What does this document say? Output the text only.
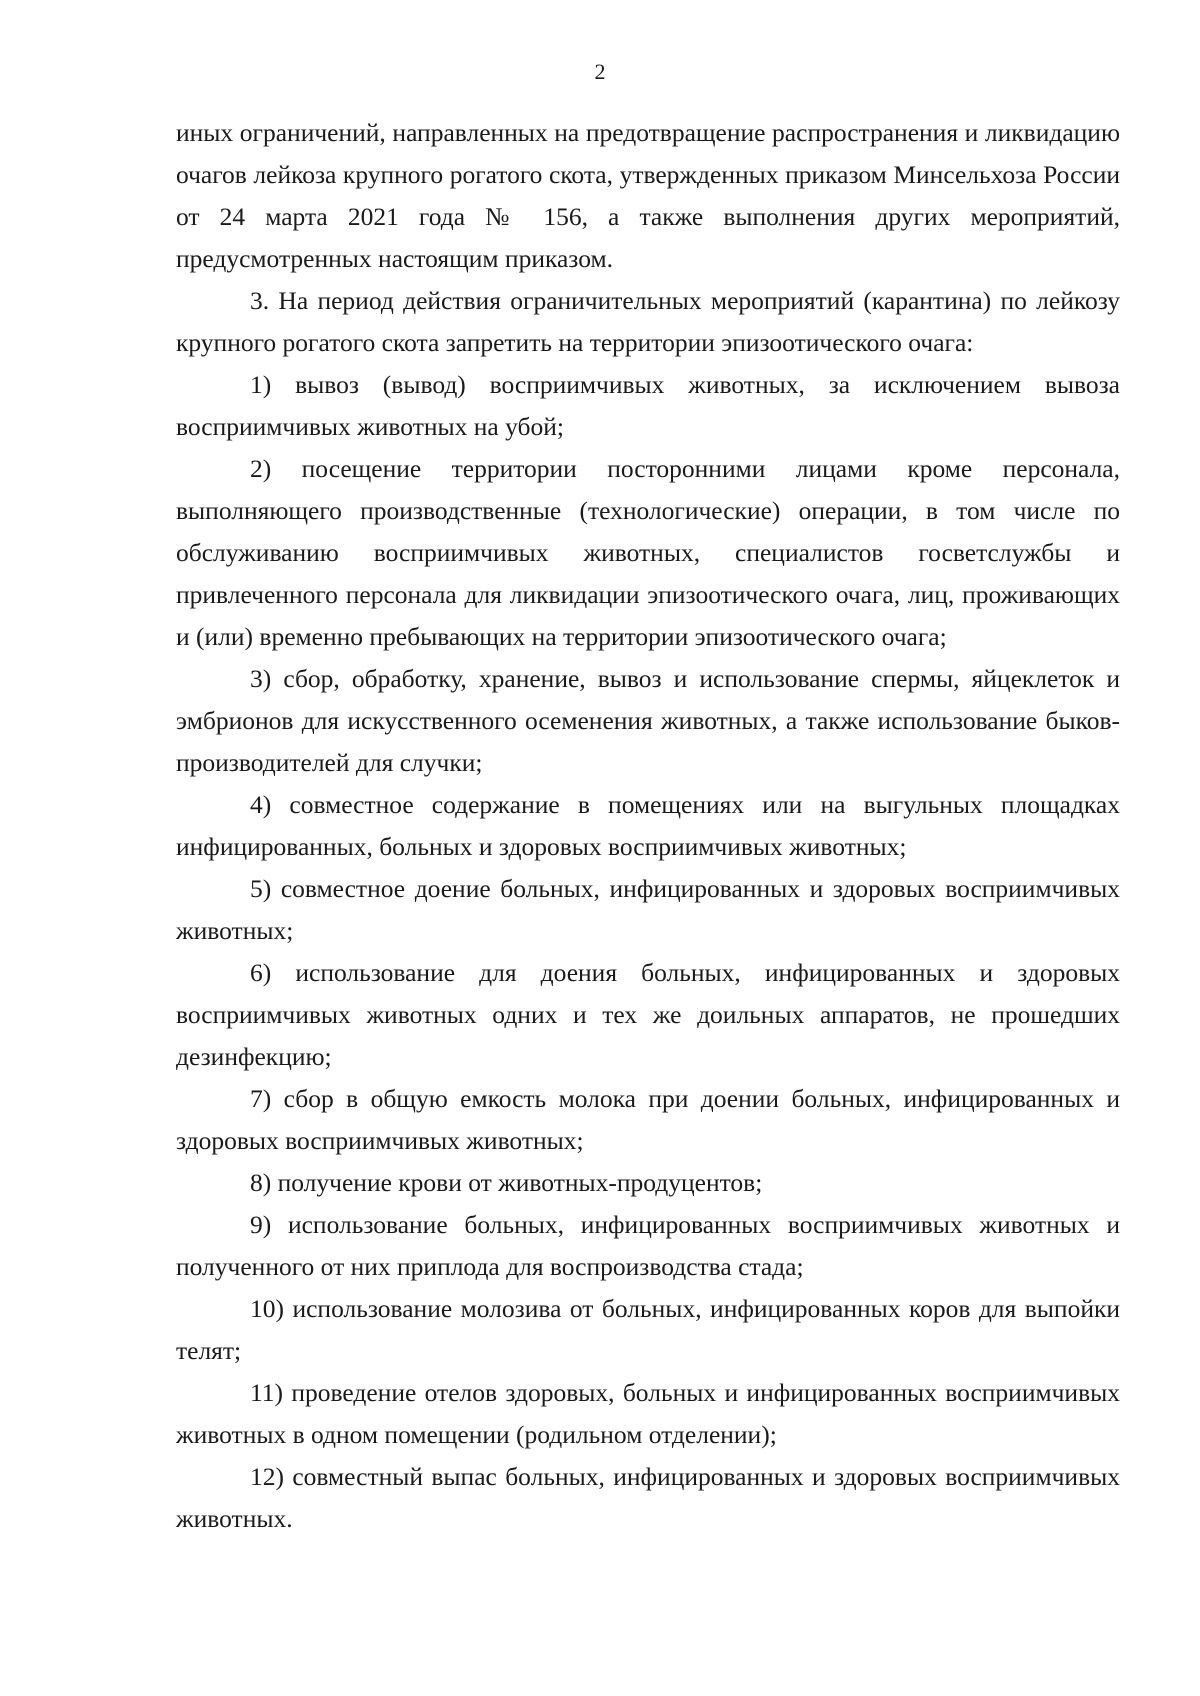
2

иных ограничений, направленных на предотвращение распространения и ликвидацию очагов лейкоза крупного рогатого скота, утвержденных приказом Минсельхоза России от 24 марта 2021 года № 156, а также выполнения других мероприятий, предусмотренных настоящим приказом.

3. На период действия ограничительных мероприятий (карантина) по лейкозу крупного рогатого скота запретить на территории эпизоотического очага:

1) вывоз (вывод) восприимчивых животных, за исключением вывоза восприимчивых животных на убой;

2) посещение территории посторонними лицами кроме персонала, выполняющего производственные (технологические) операции, в том числе по обслуживанию восприимчивых животных, специалистов госветслужбы и привлеченного персонала для ликвидации эпизоотического очага, лиц, проживающих и (или) временно пребывающих на территории эпизоотического очага;

3) сбор, обработку, хранение, вывоз и использование спермы, яйцеклеток и эмбрионов для искусственного осеменения животных, а также использование быков-производителей для случки;

4) совместное содержание в помещениях или на выгульных площадках инфицированных, больных и здоровых восприимчивых животных;

5) совместное доение больных, инфицированных и здоровых восприимчивых животных;

6) использование для доения больных, инфицированных и здоровых восприимчивых животных одних и тех же доильных аппаратов, не прошедших дезинфекцию;

7) сбор в общую емкость молока при доении больных, инфицированных и здоровых восприимчивых животных;

8) получение крови от животных-продуцентов;

9) использование больных, инфицированных восприимчивых животных и полученного от них приплода для воспроизводства стада;

10) использование молозива от больных, инфицированных коров для выпойки телят;

11) проведение отелов здоровых, больных и инфицированных восприимчивых животных в одном помещении (родильном отделении);

12) совместный выпас больных, инфицированных и здоровых восприимчивых животных.
